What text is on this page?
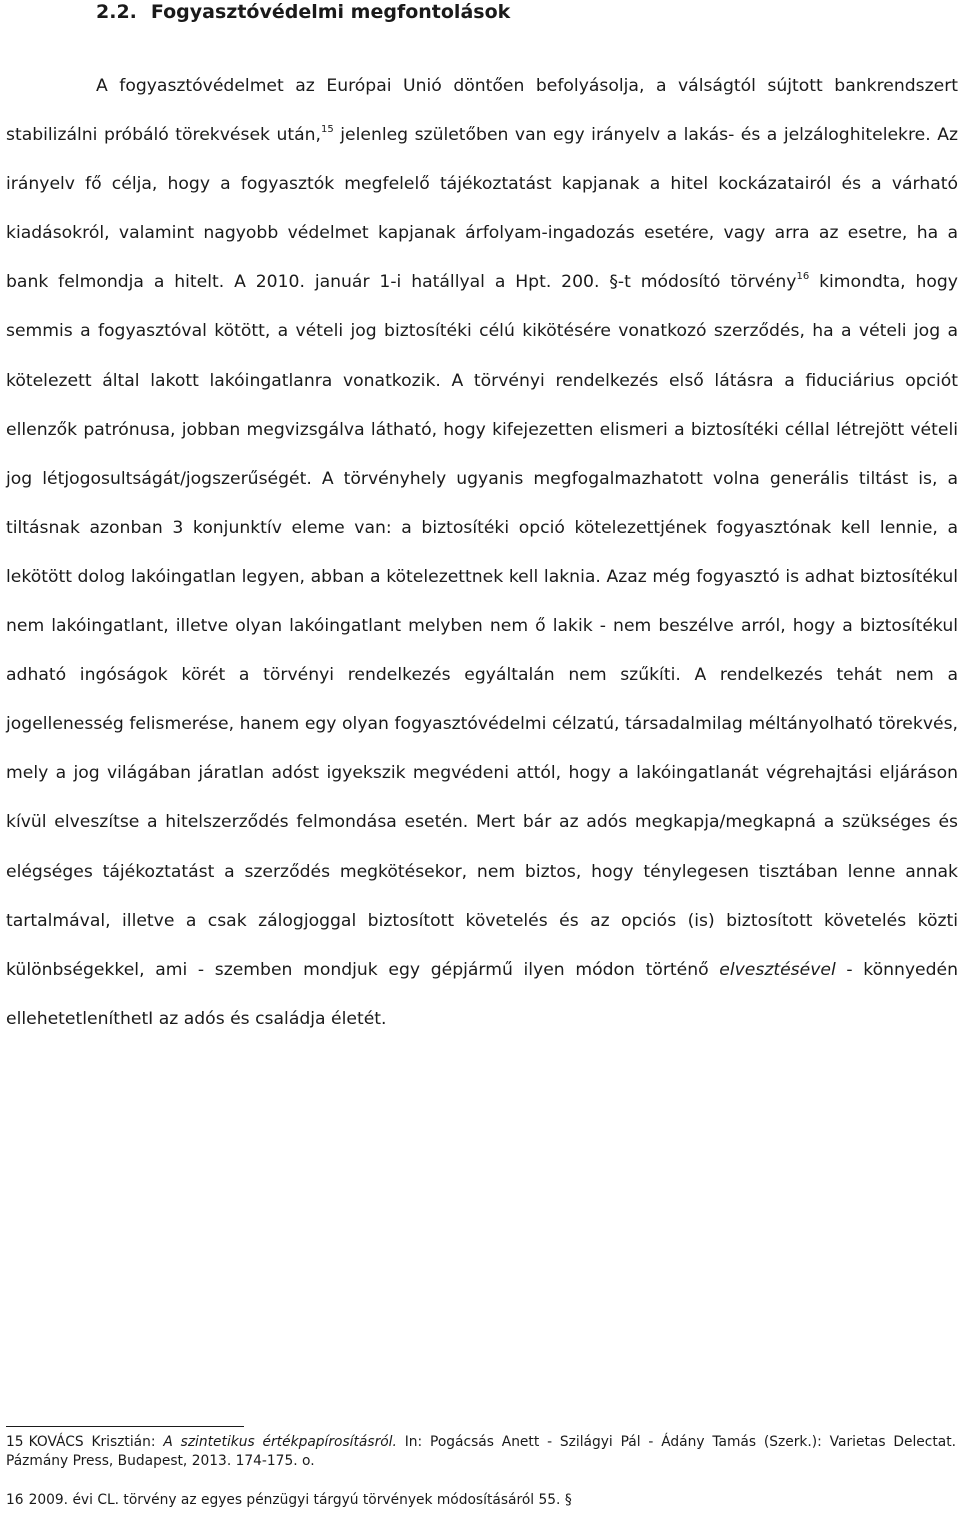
2.2. Fogyasztóvédelmi megfontolások

A fogyasztóvédelmet az Európai Unió döntően befolyásolja, a válságtól sújtott bankrendszert stabilizálni próbáló törekvések után,$^{15}$ jelenleg születőben van egy irányelv a lakás- és a jelzáloghitelekre. Az irányelv fő célja, hogy a fogyasztók megfelelő tájékoztatást kapjanak a hitel kockázatairól és a várható kiadásokról, valamint nagyobb védelmet kapjanak árfolyam-ingadozás esetére, vagy arra az esetre, ha a bank felmondja a hitelt. A 2010. január 1-i hatállyal a Hpt. 200. §-t módosító törvény$^{16}$ kimondta, hogy semmis a fogyasztóval kötött, a vételi jog biztosítéki célú kikötésére vonatkozó szerződés, ha a vételi jog a kötelezett által lakott lakóingatlanra vonatkozik. A törvényi rendelkezés első látásra a fiduciárius opciót ellenzők patrónusa, jobban megvizsgálva látható, hogy kifejezetten elismeri a biztosítéki céllal létrejött vételi jog létjogosultságát/jogszerűségét. A törvényhely ugyanis megfogalmazhatott volna generális tiltást is, a tiltásnak azonban 3 konjunktív eleme van: a biztosítéki opció kötelezettjének fogyasztónak kell lennie, a lekötött dolog lakóingatlan legyen, abban a kötelezettnek kell laknia. Azaz még fogyasztó is adhat biztosítékul nem lakóingatlant, illetve olyan lakóingatlant melyben nem ő lakik - nem beszélve arról, hogy a biztosítékul adható ingóságok körét a törvényi rendelkezés egyáltalán nem szűkíti. A rendelkezés tehát nem a jogellenesség felismerése, hanem egy olyan fogyasztóvédelmi célzatú, társadalmilag méltányolható törekvés, mely a jog világában járatlan adóst igyekszik megvédeni attól, hogy a lakóingatlanát végrehajtási eljáráson kívül elveszítse a hitelszerződés felmondása esetén. Mert bár az adós megkapja/megkapná a szükséges és elégséges tájékoztatást a szerződés megkötésekor, nem biztos, hogy ténylegesen tisztában lenne annak tartalmával, illetve a csak zálogjoggal biztosított követelés és az opciós (is) biztosított követelés közti különbségekkel, ami - szemben mondjuk egy gépjármű ilyen módon történő elvesztésével - könnyedén ellehetetleníthetI az adós és családja életét.

15 KOVÁCS Krisztián: A szintetikus értékpapírosításról. In: Pogácsás Anett - Szilágyi Pál - Ádány Tamás (Szerk.): Varietas Delectat. Pázmány Press, Budapest, 2013. 174-175. o.

16 2009. évi CL. törvény az egyes pénzügyi tárgyú törvények módosításáról 55. §
